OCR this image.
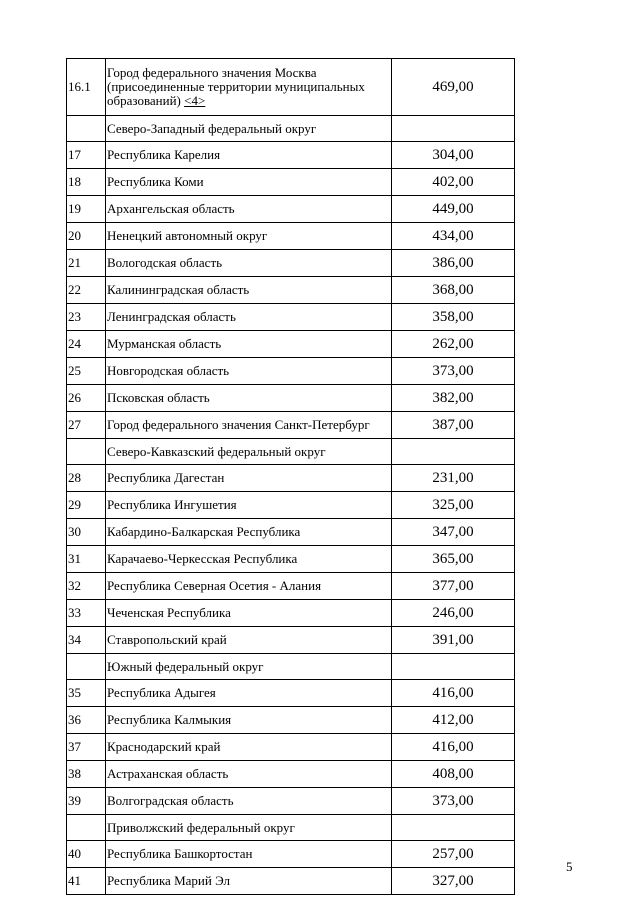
16.1	Город федерального значения Москва (присоединенные территории муниципальных образований) <4>	469,00
	Северо-Западный федеральный округ	
17	Республика Карелия	304,00
18	Республика Коми	402,00
19	Архангельская область	449,00
20	Ненецкий автономный округ	434,00
21	Вологодская область	386,00
22	Калининградская область	368,00
23	Ленинградская область	358,00
24	Мурманская область	262,00
25	Новгородская область	373,00
26	Псковская область	382,00
27	Город федерального значения Санкт-Петербург	387,00
	Северо-Кавказский федеральный округ	
28	Республика Дагестан	231,00
29	Республика Ингушетия	325,00
30	Кабардино-Балкарская Республика	347,00
31	Карачаево-Черкесская Республика	365,00
32	Республика Северная Осетия - Алания	377,00
33	Чеченская Республика	246,00
34	Ставропольский край	391,00
	Южный федеральный округ	
35	Республика Адыгея	416,00
36	Республика Калмыкия	412,00
37	Краснодарский край	416,00
38	Астраханская область	408,00
39	Волгоградская область	373,00
	Приволжский федеральный округ	
40	Республика Башкортостан	257,00
41	Республика Марий Эл	327,00
5
